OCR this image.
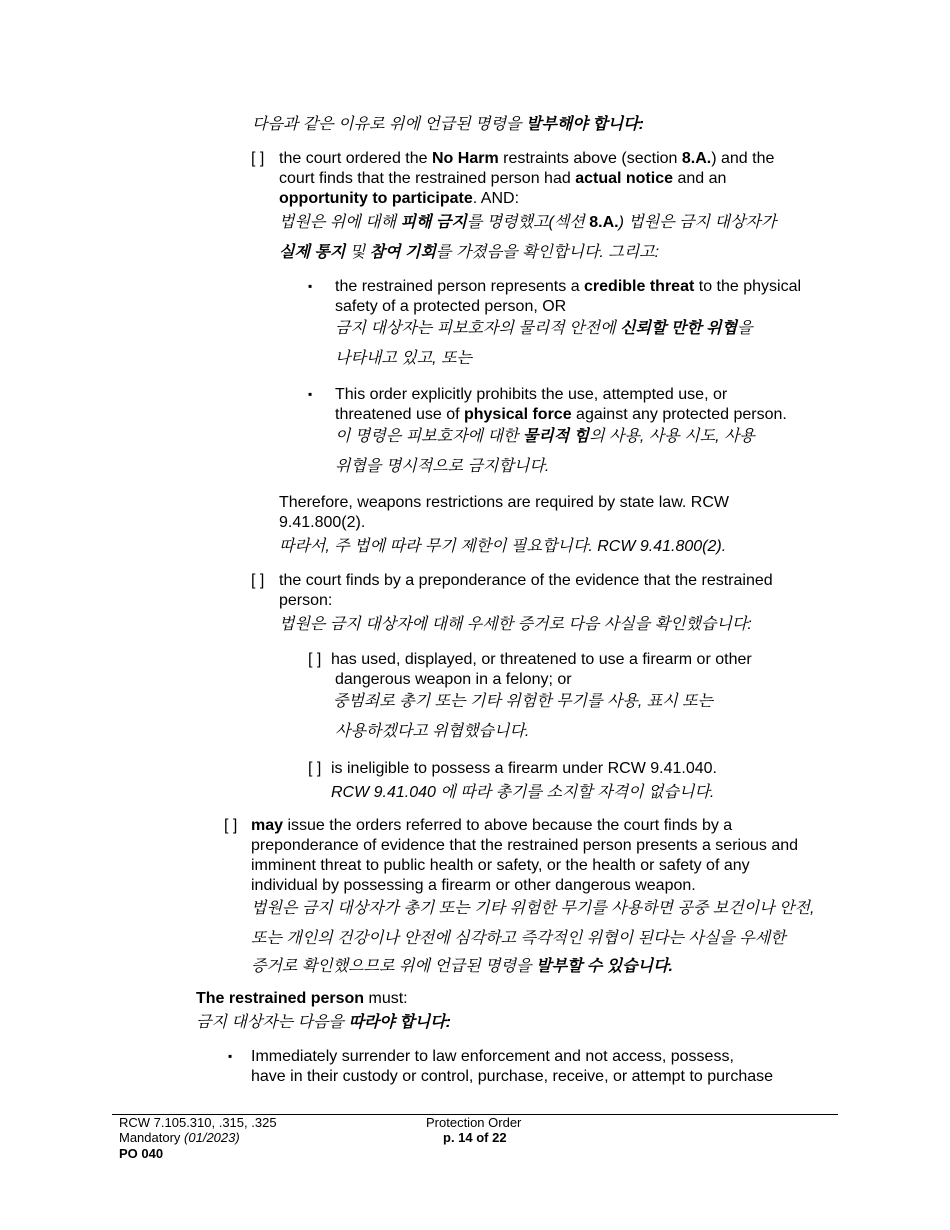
다음과 같은 이유로 위에 언급된 명령을 발부해야 합니다:
[ ] the court ordered the No Harm restraints above (section 8.A.) and the
court finds that the restrained person had actual notice and an
opportunity to participate. AND:
법원은 위에 대해 피해 금지를 명령했고(섹션 8.A.) 법원은 금지 대상자가
실제 통지 및 참여 기회를 가졌음을 확인합니다. 그리고:
▪ the restrained person represents a credible threat to the physical
safety of a protected person, OR
금지 대상자는 피보호자의 물리적 안전에 신뢰할 만한 위협을
나타내고 있고, 또는
▪ This order explicitly prohibits the use, attempted use, or
threatened use of physical force against any protected person.
이 명령은 피보호자에 대한 물리적 힘의 사용, 사용 시도, 사용
위협을 명시적으로 금지합니다.
Therefore, weapons restrictions are required by state law. RCW
9.41.800(2).
따라서, 주 법에 따라 무기 제한이 필요합니다. RCW 9.41.800(2).
[ ] the court finds by a preponderance of the evidence that the restrained
person:
법원은 금지 대상자에 대해 우세한 증거로 다음 사실을 확인했습니다:
[ ] has used, displayed, or threatened to use a firearm or other
dangerous weapon in a felony; or
중범죄로 총기 또는 기타 위험한 무기를 사용, 표시 또는
사용하겠다고 위협했습니다.
[ ] is ineligible to possess a firearm under RCW 9.41.040.
RCW 9.41.040 에 따라 총기를 소지할 자격이 없습니다.
[ ] may issue the orders referred to above because the court finds by a
preponderance of evidence that the restrained person presents a serious and
imminent threat to public health or safety, or the health or safety of any
individual by possessing a firearm or other dangerous weapon.
법원은 금지 대상자가 총기 또는 기타 위험한 무기를 사용하면 공중 보건이나 안전,
또는 개인의 건강이나 안전에 심각하고 즉각적인 위협이 된다는 사실을 우세한
증거로 확인했으므로 위에 언급된 명령을 발부할 수 있습니다.
The restrained person must:
금지 대상자는 다음을 따라야 합니다:
▪ Immediately surrender to law enforcement and not access, possess,
have in their custody or control, purchase, receive, or attempt to purchase
RCW 7.105.310, .315, .325
Mandatory (01/2023)
PO 040
Protection Order
p. 14 of 22
